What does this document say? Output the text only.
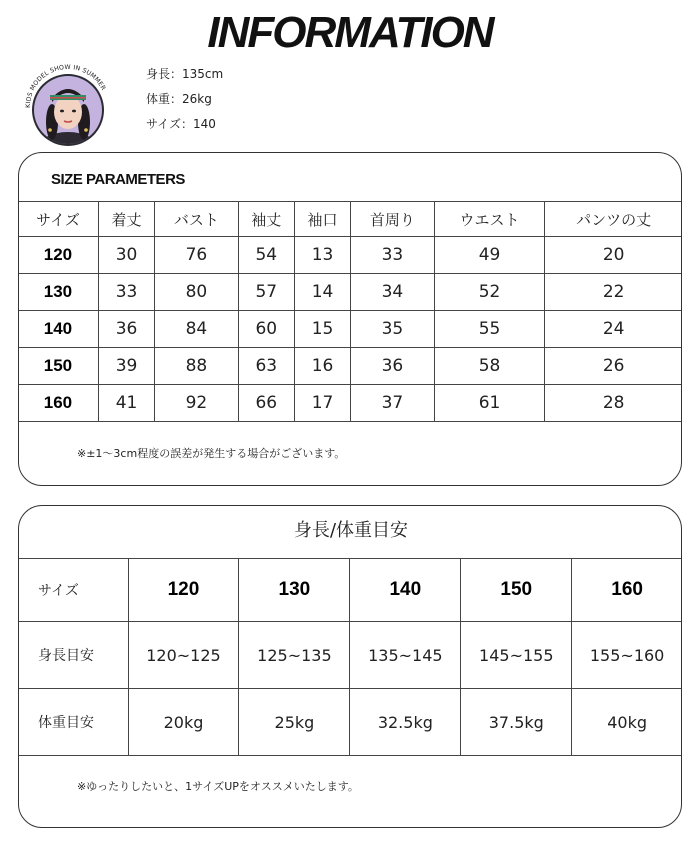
INFORMATION
KIDS MODEL SHOW IN SUMMER
身長：135cm
体重：26kg
サイズ：140
SIZE PARAMETERS
サイズ	着丈	バスト	袖丈	袖口	首周り	ウエスト	パンツの丈
120	30	76	54	13	33	49	20
130	33	80	57	14	34	52	22
140	36	84	60	15	35	55	24
150	39	88	63	16	36	58	26
160	41	92	66	17	37	61	28
※±1～3cm程度の誤差が発生する場合がございます。
身長/体重目安
サイズ	120	130	140	150	160
身長目安	120~125	125~135	135~145	145~155	155~160
体重目安	20kg	25kg	32.5kg	37.5kg	40kg
※ゆったりしたいと、1サイズUPをオススメいたします。
